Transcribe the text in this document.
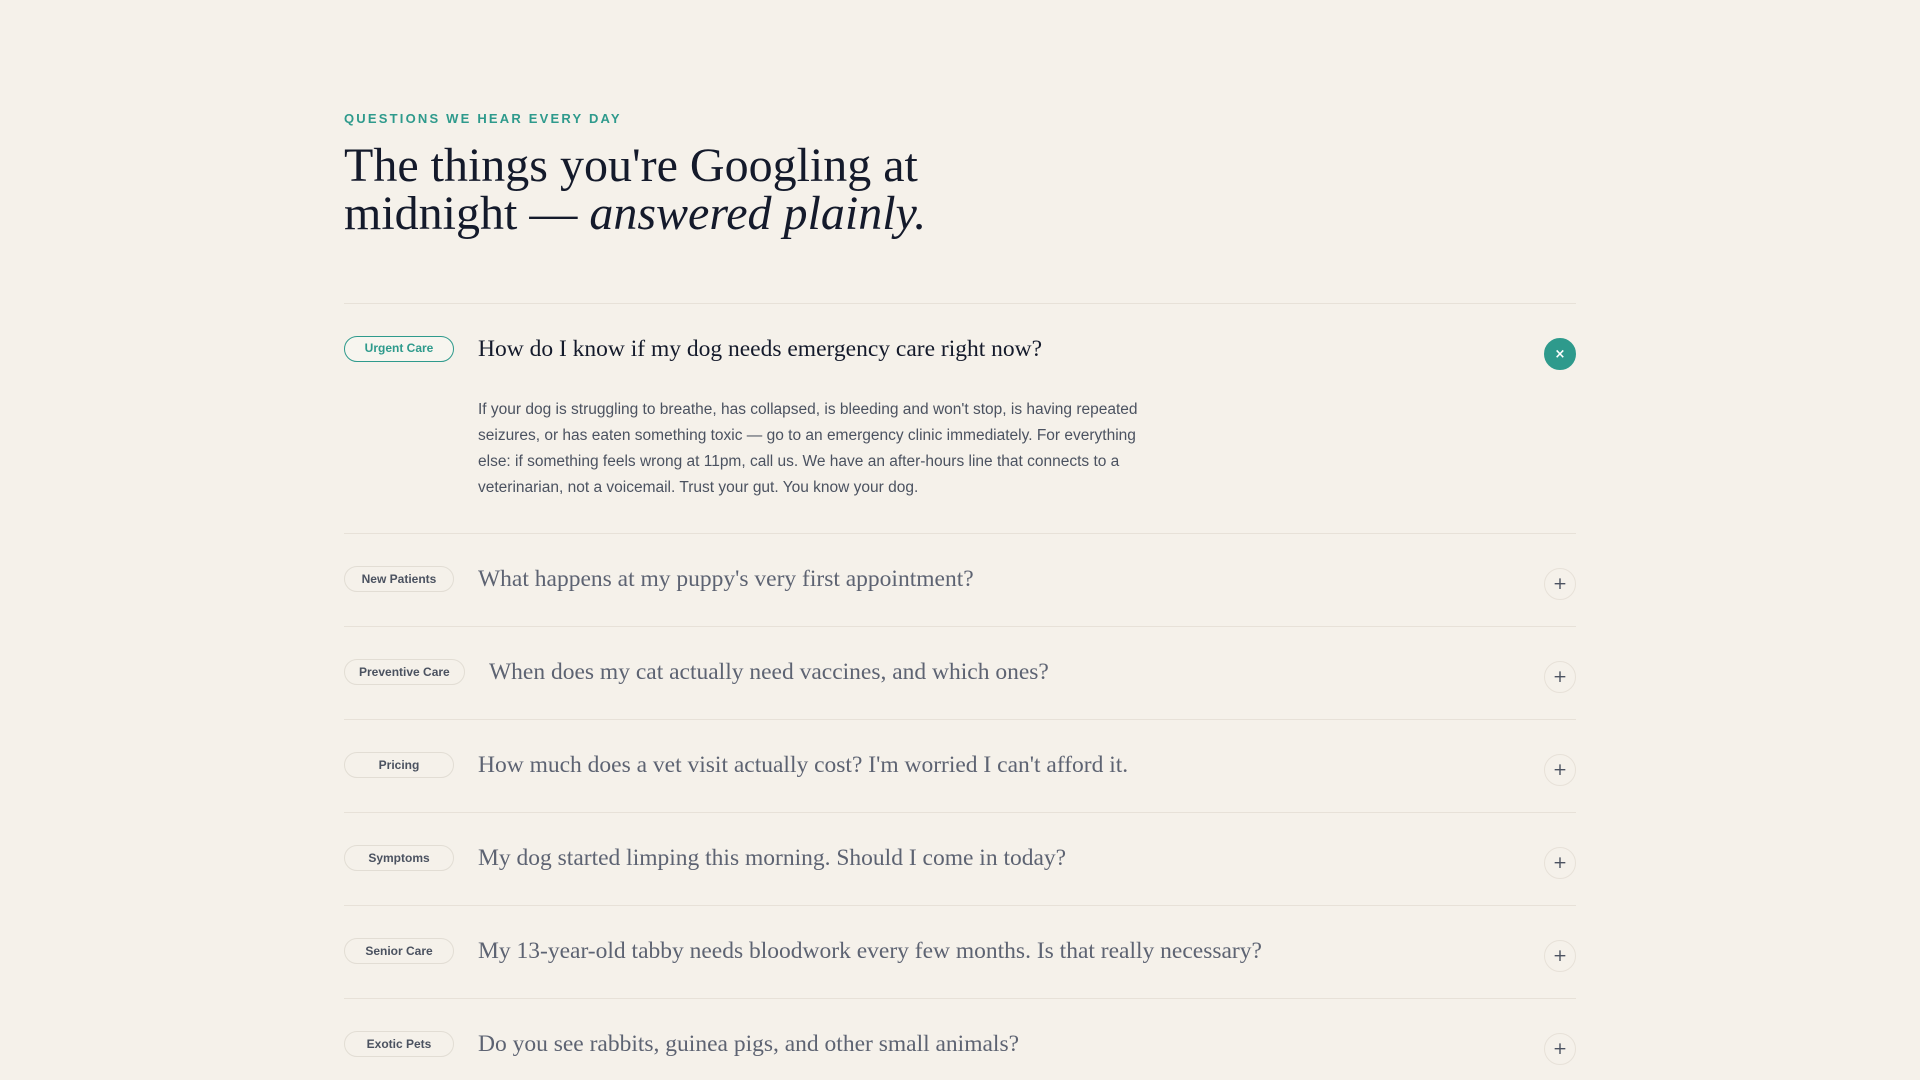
QUESTIONS WE HEAR EVERY DAY
The things you're Googling at
midnight — answered plainly.
Urgent Care	How do I know if my dog needs emergency care right now?	×

If your dog is struggling to breathe, has collapsed, is bleeding and won't stop, is having repeated seizures, or has eaten something toxic — go to an emergency clinic immediately. For everything else: if something feels wrong at 11pm, call us. We have an after-hours line that connects to a veterinarian, not a voicemail. Trust your gut. You know your dog.

New Patients	What happens at my puppy's very first appointment?	+
Preventive Care	When does my cat actually need vaccines, and which ones?	+
Pricing	How much does a vet visit actually cost? I'm worried I can't afford it.	+
Symptoms	My dog started limping this morning. Should I come in today?	+
Senior Care	My 13-year-old tabby needs bloodwork every few months. Is that really necessary?	+
Exotic Pets	Do you see rabbits, guinea pigs, and other small animals?	+
